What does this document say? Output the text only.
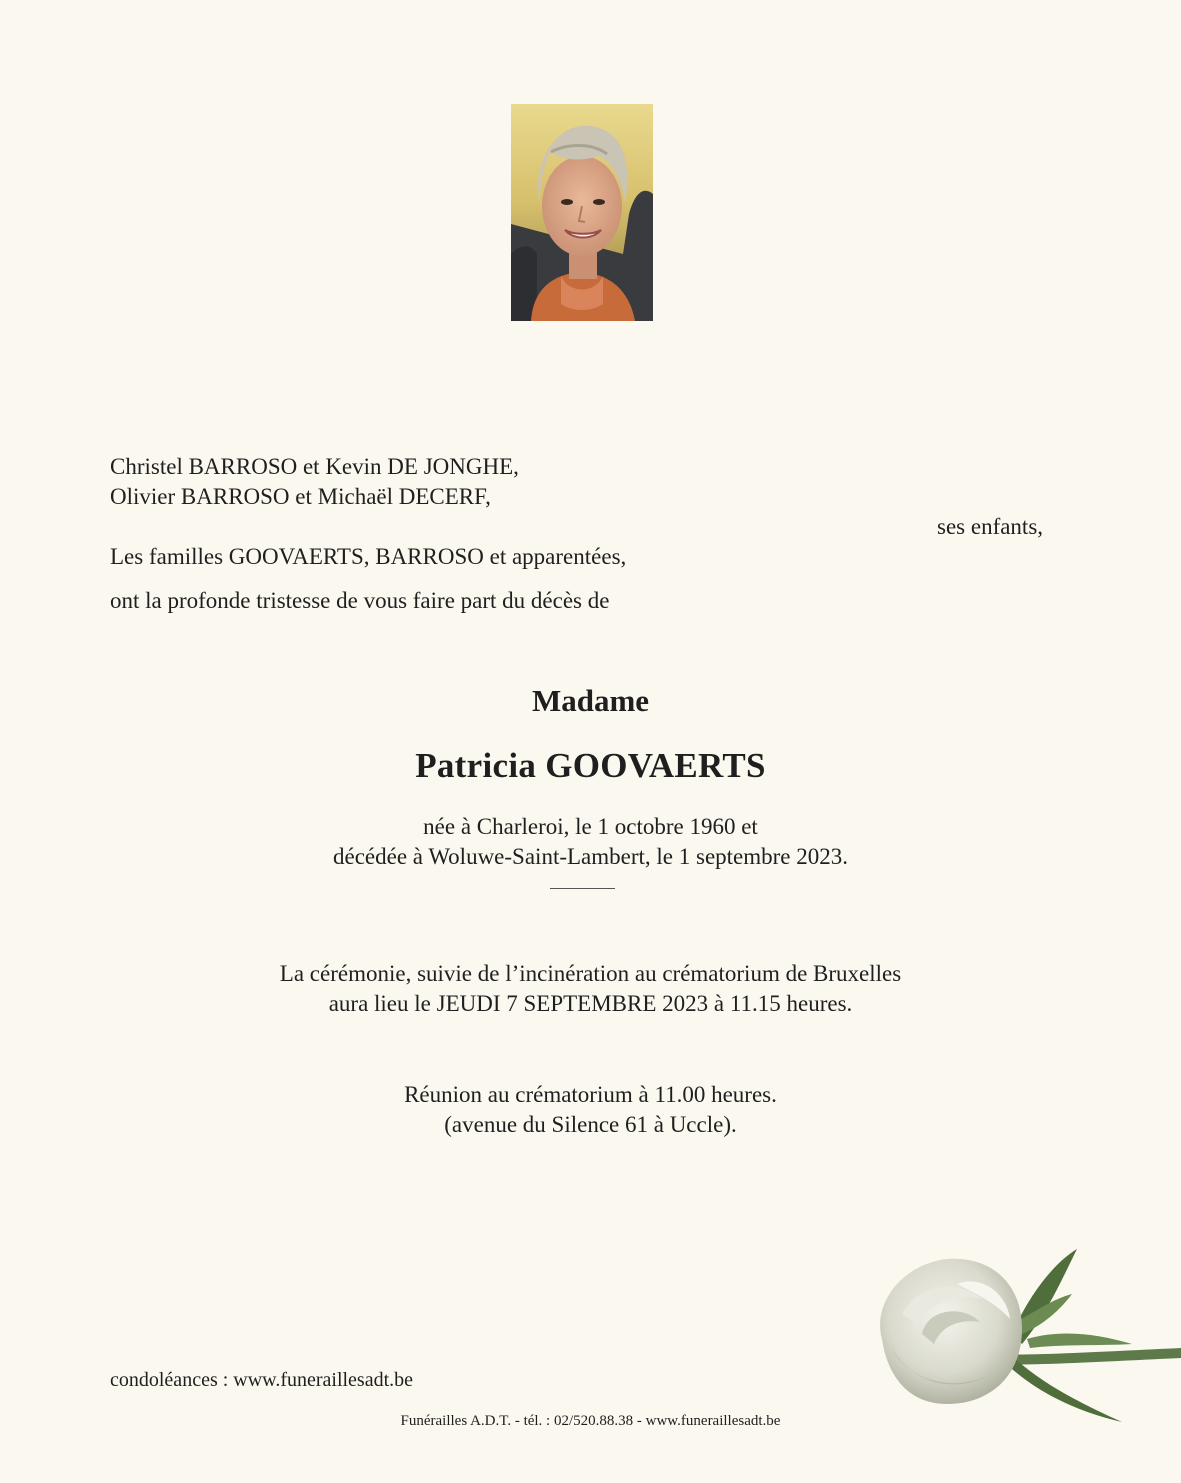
Christel BARROSO et Kevin DE JONGHE,
Olivier BARROSO et Michaël DECERF,
ses enfants,
Les familles GOOVAERTS, BARROSO et apparentées,
ont la profonde tristesse de vous faire part du décès de
Madame
Patricia GOOVAERTS
née à Charleroi, le 1 octobre 1960 et
décédée à Woluwe-Saint-Lambert, le 1 septembre 2023.
La cérémonie, suivie de l’incinération au crématorium de Bruxelles
aura lieu le JEUDI 7 SEPTEMBRE 2023 à 11.15 heures.
Réunion au crématorium à 11.00 heures.
(avenue du Silence 61 à Uccle).
condoléances : www.funeraillesadt.be
Funérailles A.D.T. - tél. : 02/520.88.38 - www.funeraillesadt.be
